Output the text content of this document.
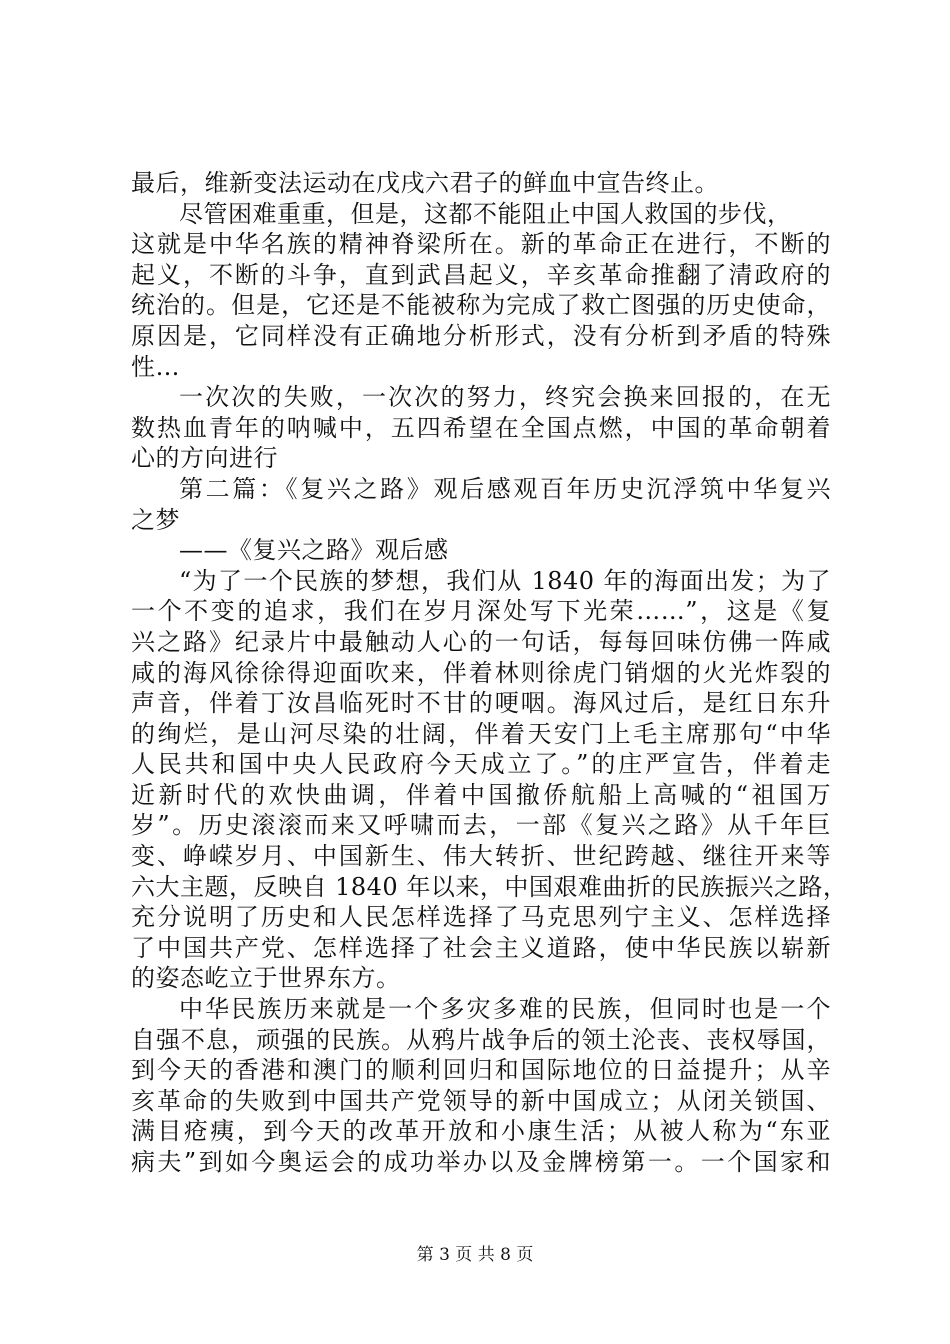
最后，维新变法运动在戊戌六君子的鲜血中宣告终止。
尽管困难重重，但是，这都不能阻止中国人救国的步伐，
这就是中华名族的精神脊梁所在。新的革命正在进行，不断的
起义，不断的斗争，直到武昌起义，辛亥革命推翻了清政府的
统治的。但是，它还是不能被称为完成了救亡图强的历史使命，
原因是，它同样没有正确地分析形式，没有分析到矛盾的特殊
性…
一次次的失败，一次次的努力，终究会换来回报的，在无
数热血青年的呐喊中，五四希望在全国点燃，中国的革命朝着
心的方向进行
第二篇：《复兴之路》观后感观百年历史沉浮筑中华复兴
之梦
——《复兴之路》观后感
“为了一个民族的梦想，我们从 1840 年的海面出发；为了
一个不变的追求，我们在岁月深处写下光荣……”，这是《复
兴之路》纪录片中最触动人心的一句话，每每回味仿佛一阵咸
咸的海风徐徐得迎面吹来，伴着林则徐虎门销烟的火光炸裂的
声音，伴着丁汝昌临死时不甘的哽咽。海风过后，是红日东升
的绚烂，是山河尽染的壮阔，伴着天安门上毛主席那句“中华
人民共和国中央人民政府今天成立了。”的庄严宣告，伴着走
近新时代的欢快曲调，伴着中国撤侨航船上高喊的“祖国万
岁”。历史滚滚而来又呼啸而去，一部《复兴之路》从千年巨
变、峥嵘岁月、中国新生、伟大转折、世纪跨越、继往开来等
六大主题，反映自 1840 年以来，中国艰难曲折的民族振兴之路，
充分说明了历史和人民怎样选择了马克思列宁主义、怎样选择
了中国共产党、怎样选择了社会主义道路，使中华民族以崭新
的姿态屹立于世界东方。
中华民族历来就是一个多灾多难的民族，但同时也是一个
自强不息，顽强的民族。从鸦片战争后的领土沦丧、丧权辱国，
到今天的香港和澳门的顺利回归和国际地位的日益提升；从辛
亥革命的失败到中国共产党领导的新中国成立；从闭关锁国、
满目疮痍，到今天的改革开放和小康生活；从被人称为“东亚
病夫”到如今奥运会的成功举办以及金牌榜第一。一个国家和
第 3 页 共 8 页
